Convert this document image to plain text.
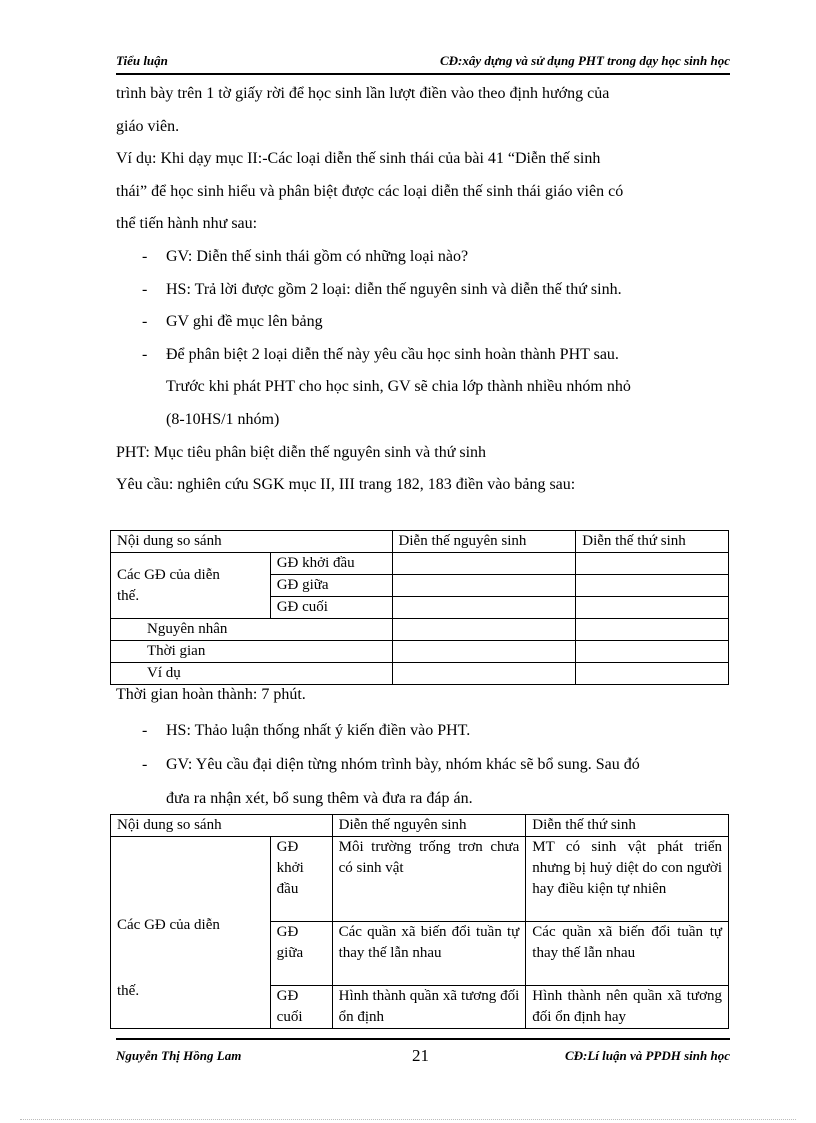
Tiểu luận	CĐ:xây dựng và sử dụng PHT trong dạy học sinh học

trình bày trên 1 tờ giấy rời để học sinh lần lượt điền vào theo định hướng của

giáo viên.

Ví dụ: Khi dạy mục II:-Các loại diễn thế sinh thái của bài 41 “Diễn thế sinh

thái” để học sinh hiểu và phân biệt được các loại diễn thế sinh thái giáo viên có

thể tiến hành như sau:

- GV: Diễn thế sinh thái gồm có những loại nào?

- HS: Trả lời được gồm 2 loại: diễn thế nguyên sinh và diễn thế thứ sinh.

- GV ghi đề mục lên bảng

- Để phân biệt 2 loại diễn thế này yêu cầu học sinh hoàn thành PHT sau.

Trước khi phát PHT cho học sinh, GV sẽ chia lớp thành nhiều nhóm nhỏ

(8-10HS/1 nhóm)

PHT: Mục tiêu phân biệt diễn thế nguyên sinh và thứ sinh

Yêu cầu: nghiên cứu SGK mục II, III trang 182, 183 điền vào bảng sau:

Nội dung so sánh		Diễn thế nguyên sinh	Diễn thế thứ sinh

Các GĐ của diễn
thế.	GĐ khởi đầu		
	GĐ giữa		
	GĐ cuối		
Nguyên nhân			
Thời gian			
Ví dụ			
Thời gian hoàn thành: 7 phút.

- HS: Thảo luận thống nhất ý kiến điền vào PHT.

- GV: Yêu cầu đại diện từng nhóm trình bày, nhóm khác sẽ bổ sung. Sau đó

đưa ra nhận xét, bổ sung thêm và đưa ra đáp án.

Nội dung so sánh		Diễn thế nguyên sinh	Diễn thế thứ sinh

Các GĐ của diễn
thế.	GĐ khởi đầu	Môi trường trống trơn chưa có sinh vật	MT có sinh vật phát triển nhưng bị huỷ diệt do con người hay điều kiện tự nhiên
	GĐ giữa	Các quần xã biến đổi tuần tự thay thế lẫn nhau	Các quần xã biến đổi tuần tự thay thế lẫn nhau
	GĐ cuối	Hình thành quần xã tương đối ổn định	Hình thành nên quần xã tương đối ổn định hay
Nguyễn Thị Hồng Lam	21	CĐ:Lí luận và PPDH sinh học
